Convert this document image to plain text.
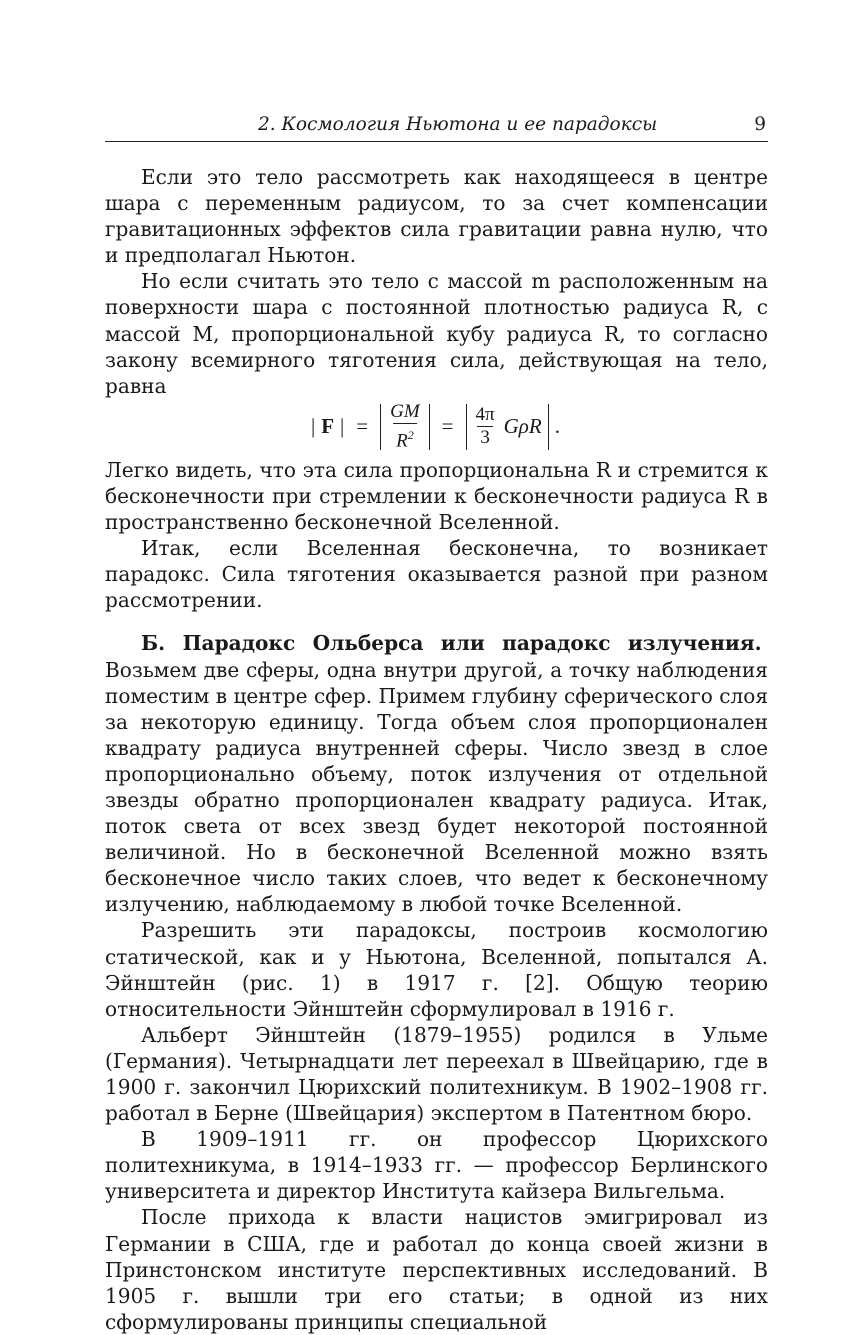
2. Космология Ньютона и ее парадоксы	9

Если это тело рассмотреть как находящееся в центре шара с переменным радиусом, то за счет компенсации гравитационных эффектов сила гравитации равна нулю, что и предполагал Ньютон.

Но если считать это тело с массой m расположенным на поверхности шара с постоянной плотностью радиуса R, с массой M, пропорциональной кубу радиуса R, то согласно закону всемирного тяготения сила, действующая на тело, равна

| F | = $\frac{GM}{R^2} = \frac{4\pi}{3}$ GρR .

Легко видеть, что эта сила пропорциональна R и стремится к бесконечности при стремлении к бесконечности радиуса R в пространственно бесконечной Вселенной.

Итак, если Вселенная бесконечна, то возникает парадокс. Сила тяготения оказывается разной при разном рассмотрении.

Б. Парадокс Ольберса или парадокс излучения.  Возьмем две сферы, одна внутри другой, а точку наблюдения поместим в центре сфер. Примем глубину сферического слоя за некоторую единицу. Тогда объем слоя пропорционален квадрату радиуса внутренней сферы. Число звезд в слое пропорционально объему, поток излучения от отдельной звезды обратно пропорционален квадрату радиуса. Итак, поток света от всех звезд будет некоторой постоянной величиной. Но в бесконечной Вселенной можно взять бесконечное число таких слоев, что ведет к бесконечному излучению, наблюдаемому в любой точке Вселенной.

Разрешить эти парадоксы, построив космологию статической, как и у Ньютона, Вселенной, попытался А. Эйнштейн (рис. 1) в 1917 г. [2]. Общую теорию относительности Эйнштейн сформулировал в 1916 г.

Альберт Эйнштейн (1879–1955) родился в Ульме (Германия). Четырнадцати лет переехал в Швейцарию, где в 1900 г. закончил Цюрихский политехникум. В 1902–1908 гг. работал в Берне (Швейцария) экспертом в Патентном бюро.

В 1909–1911 гг. он профессор Цюрихского политехникума, в 1914–1933 гг. — профессор Берлинского университета и директор Института кайзера Вильгельма.

После прихода к власти нацистов эмигрировал из Германии в США, где и работал до конца своей жизни в Принстонском институте перспективных исследований. В 1905 г. вышли три его статьи; в одной из них сформулированы принципы специальной
